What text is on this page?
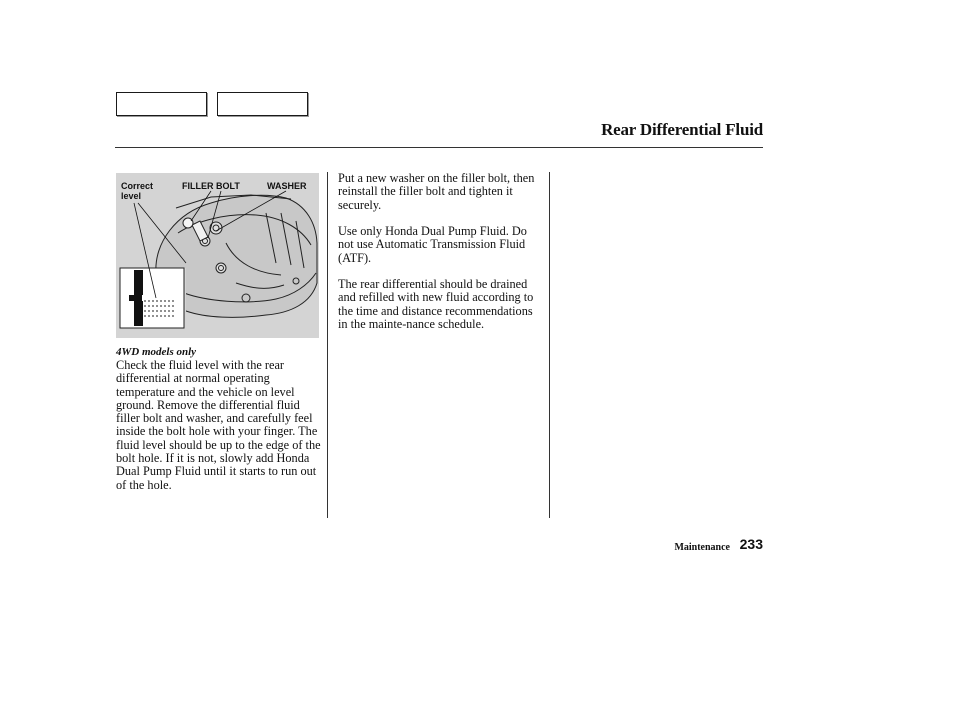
Rear Differential Fluid
Correct level
FILLER BOLT	WASHER
4WD models only
Check the fluid level with the rear differential at normal operating temperature and the vehicle on level ground. Remove the differential fluid filler bolt and washer, and carefully feel inside the bolt hole with your finger. The fluid level should be up to the edge of the bolt hole. If it is not, slowly add Honda Dual Pump Fluid until it starts to run out of the hole.
Put a new washer on the filler bolt, then reinstall the filler bolt and tighten it securely.
Use only Honda Dual Pump Fluid. Do not use Automatic Transmission Fluid (ATF).
The rear differential should be drained and refilled with new fluid according to the time and distance recommendations in the mainte-nance schedule.
Maintenance 233
